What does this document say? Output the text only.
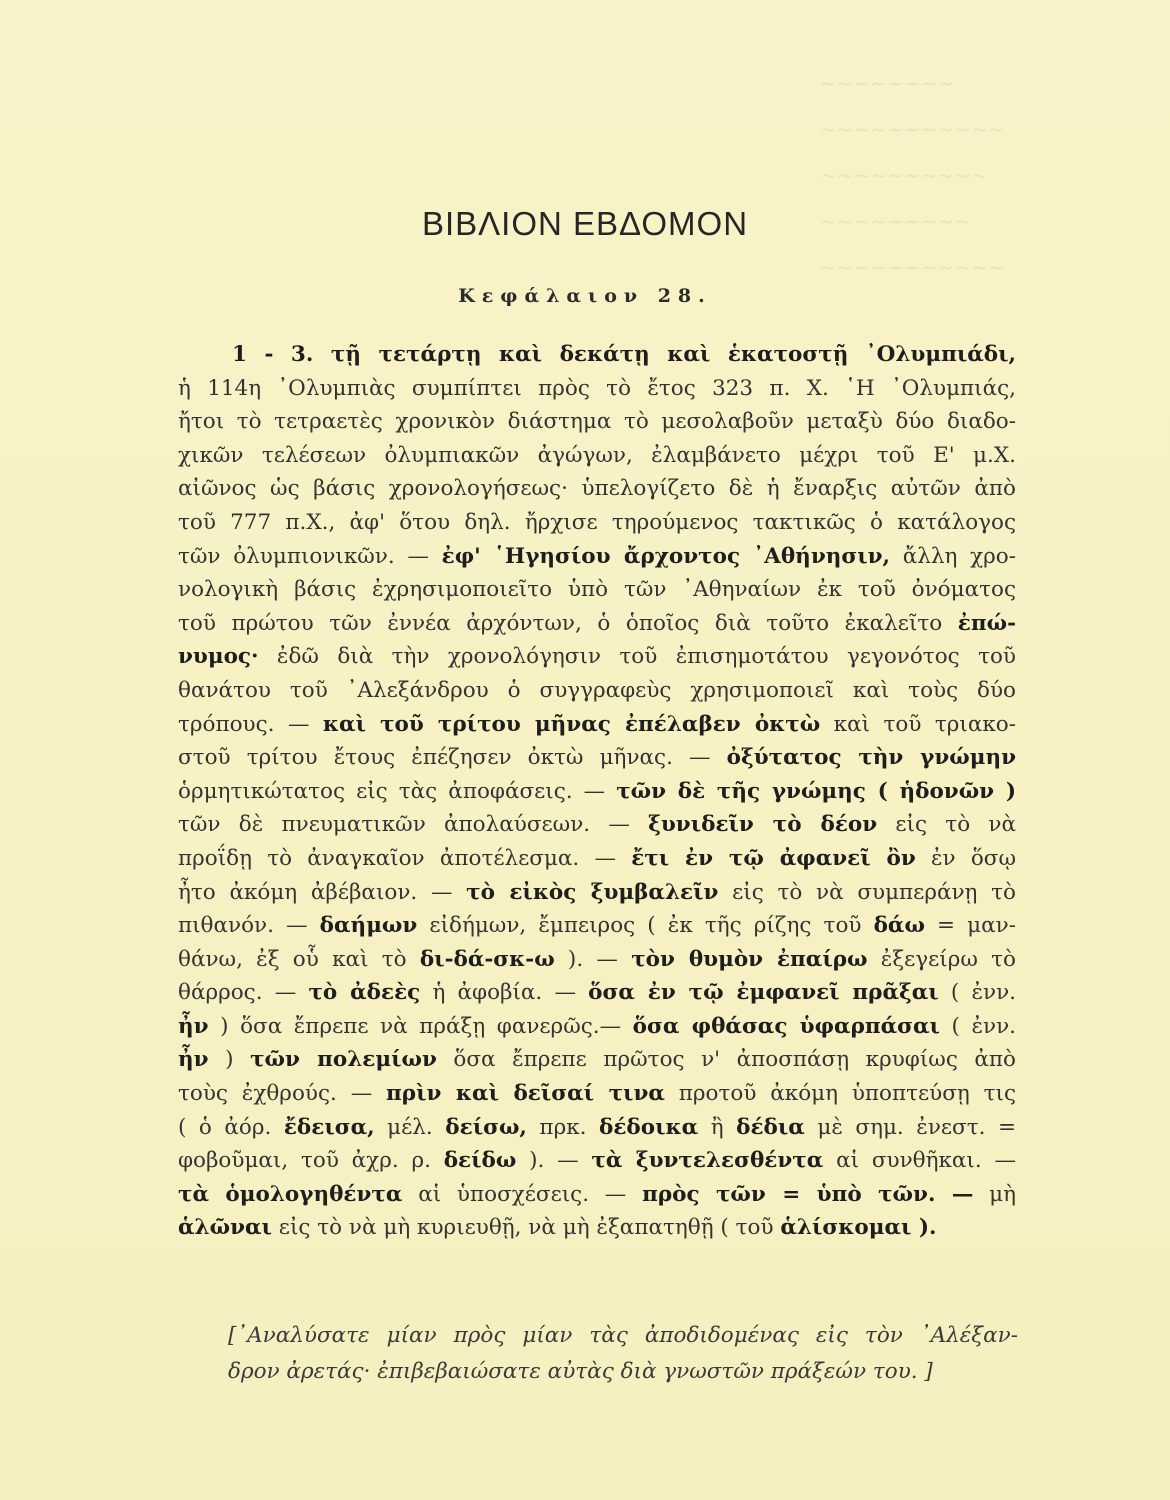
~~~~~~~~
~~~~~~~~~~~
~~~~~~~~~~
~~~~~~~~~
~~~~~~~~~~~
ΒΙΒΛΙΟΝ ΕΒΔΟΜΟΝ
Κεφάλαιον 28.
1 - 3. τῇ τετάρτῃ καὶ δεκάτῃ καὶ ἑκατοστῇ ᾿Ολυμπιάδι,
ἡ 114η ᾿Ολυμπιὰς συμπίπτει πρὸς τὸ ἔτος 323 π. Χ. ῾Η ᾿Ολυμπιάς,
ἤτοι τὸ τετραετὲς χρονικὸν διάστημα τὸ μεσολαβοῦν μεταξὺ δύο διαδο-
χικῶν τελέσεων ὀλυμπιακῶν ἀγώγων, ἐλαμβάνετο μέχρι τοῦ Ε' μ.Χ.
αἰῶνος ὡς βάσις χρονολογήσεως· ὑπελογίζετο δὲ ἡ ἔναρξις αὐτῶν ἀπὸ
τοῦ 777 π.Χ., ἀφ' ὅτου δηλ. ἤρχισε τηρούμενος τακτικῶς ὁ κατάλογος
τῶν ὀλυμπιονικῶν. — ἐφ' ῾Ηγησίου ἄρχοντος ᾿Αθήνησιν, ἄλλη χρο-
νολογικὴ βάσις ἐχρησιμοποιεῖτο ὑπὸ τῶν ᾿Αθηναίων ἐκ τοῦ ὀνόματος
τοῦ πρώτου τῶν ἐννέα ἀρχόντων, ὁ ὁποῖος διὰ τοῦτο ἐκαλεῖτο ἐπώ-
νυμος· ἐδῶ διὰ τὴν χρονολόγησιν τοῦ ἐπισημοτάτου γεγονότος τοῦ
θανάτου τοῦ ᾿Αλεξάνδρου ὁ συγγραφεὺς χρησιμοποιεῖ καὶ τοὺς δύο
τρόπους. — καὶ τοῦ τρίτου μῆνας ἐπέλαβεν ὀκτὼ καὶ τοῦ τριακο-
στοῦ τρίτου ἔτους ἐπέζησεν ὀκτὼ μῆνας. — ὀξύτατος τὴν γνώμην
ὁρμητικώτατος εἰς τὰς ἀποφάσεις. — τῶν δὲ τῆς γνώμης ( ἡδονῶν )
τῶν δὲ πνευματικῶν ἀπολαύσεων. — ξυνιδεῖν τὸ δέον εἰς τὸ νὰ
προΐδῃ τὸ ἀναγκαῖον ἀποτέλεσμα. — ἔτι ἐν τῷ ἀφανεῖ ὂν ἐν ὅσῳ
ἦτο ἀκόμη ἀβέβαιον. — τὸ εἰκὸς ξυμβαλεῖν εἰς τὸ νὰ συμπεράνῃ τὸ
πιθανόν. — δαήμων εἰδήμων, ἔμπειρος ( ἐκ τῆς ρίζης τοῦ δάω = μαν-
θάνω, ἐξ οὗ καὶ τὸ δι-δά-σκ-ω ). — τὸν θυμὸν ἐπαίρω ἐξεγείρω τὸ
θάρρος. — τὸ ἀδεὲς ἡ ἀφοβία. — ὅσα ἐν τῷ ἐμφανεῖ πρᾶξαι ( ἐνν.
ἦν ) ὅσα ἔπρεπε νὰ πράξῃ φανερῶς.— ὅσα φθάσας ὑφαρπάσαι ( ἐνν.
ἦν ) τῶν πολεμίων ὅσα ἔπρεπε πρῶτος ν' ἀποσπάσῃ κρυφίως ἀπὸ
τοὺς ἐχθρούς. — πρὶν καὶ δεῖσαί τινα προτοῦ ἀκόμη ὑποπτεύσῃ τις
( ὁ ἀόρ. ἔδεισα, μέλ. δείσω, πρκ. δέδοικα ἢ δέδια μὲ σημ. ἐνεστ. =
φοβοῦμαι, τοῦ ἀχρ. ρ. δείδω ). — τὰ ξυντελεσθέντα αἱ συνθῆκαι. —
τὰ ὁμολογηθέντα αἱ ὑποσχέσεις. — πρὸς τῶν = ὑπὸ τῶν. — μὴ
ἁλῶναι εἰς τὸ νὰ μὴ κυριευθῇ, νὰ μὴ ἐξαπατηθῇ ( τοῦ ἁλίσκομαι ).
[᾿Αναλύσατε μίαν πρὸς μίαν τὰς ἀποδιδομένας εἰς τὸν ᾿Αλέξαν-
δρον ἀρετάς· ἐπιβεβαιώσατε αὐτὰς διὰ γνωστῶν πράξεών του. ]
